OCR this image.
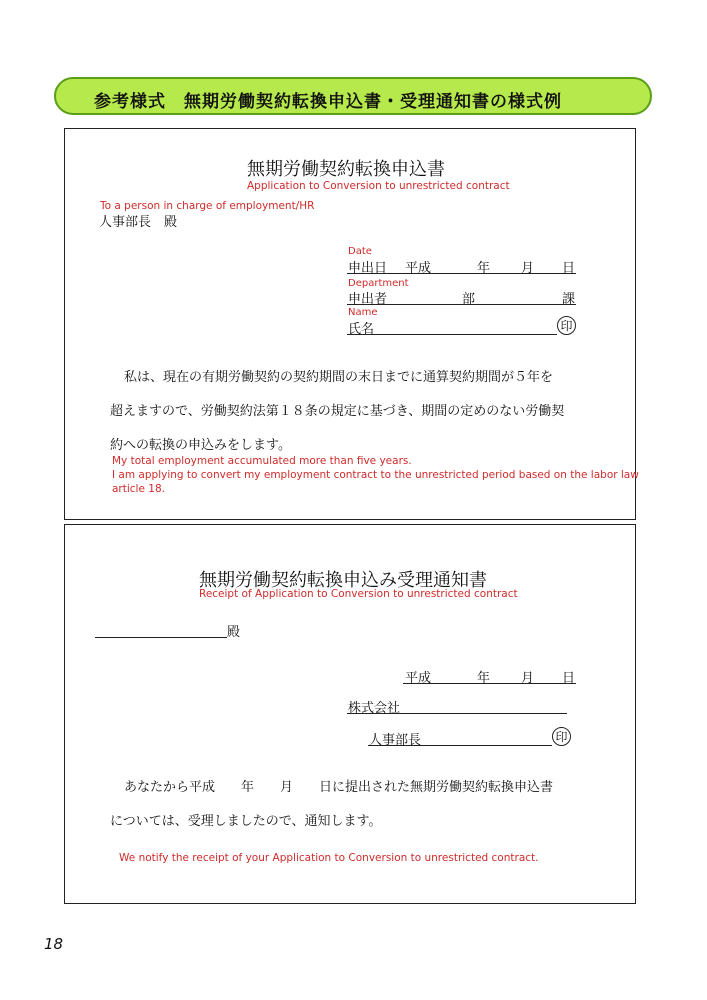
参考様式　無期労働契約転換申込書・受理通知書の様式例
無期労働契約転換申込書
Application to Conversion to unrestricted contract
To a person in charge of employment/HR
人事部長　殿
Date
申出日 平成	年 月 日
Department
申出者	部	課
Name
氏名	印
私は、現在の有期労働契約の契約期間の末日までに通算契約期間が５年を
超えますので、労働契約法第１８条の規定に基づき、期間の定めのない労働契
約への転換の申込みをします。
My total employment accumulated more than five years.
I am applying to convert my employment contract to the unrestricted period based on the labor law
article 18.
無期労働契約転換申込み受理通知書
Receipt of Application to Conversion to unrestricted contract
殿
平成	年 月 日
株式会社
人事部長	印
あなたから平成　　年　　月　　日に提出された無期労働契約転換申込書
については、受理しましたので、通知します。
We notify the receipt of your Application to Conversion to unrestricted contract.
18
